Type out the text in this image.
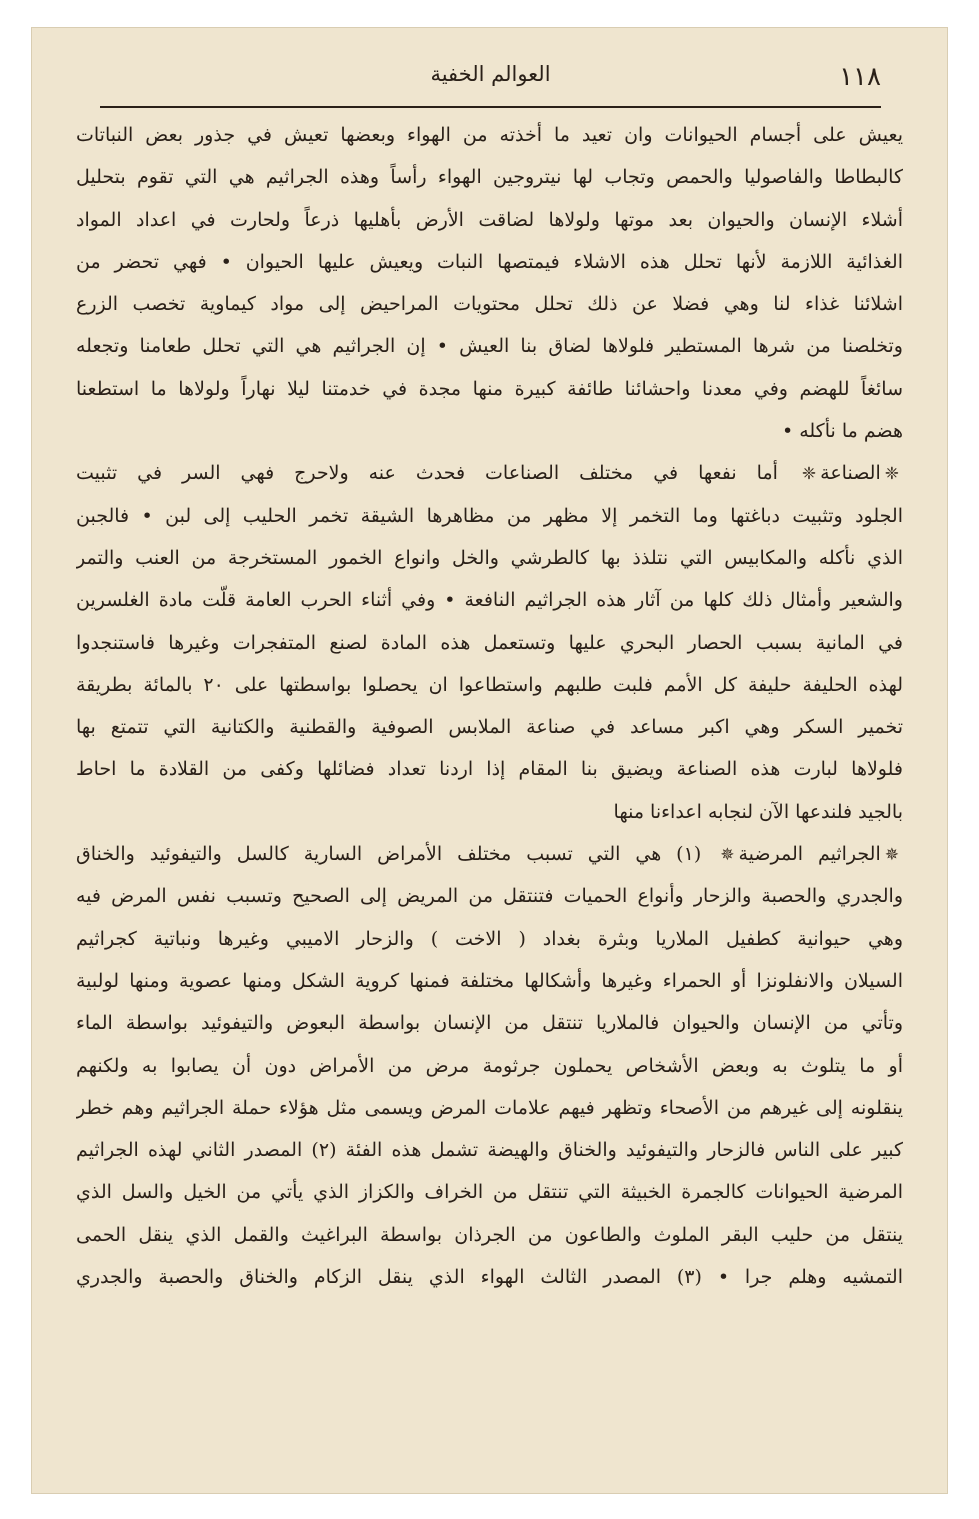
١١٨
العوالم الخفية
يعيش على أجسام الحيوانات وان تعيد ما أخذته من الهواء وبعضها تعيش في جذور بعض النباتات
كالبطاطا والفاصوليا والحمص وتجاب لها نيتروجين الهواء رأساً وهذه الجراثيم هي التي تقوم بتحليل
أشلاء الإنسان والحيوان بعد موتها ولولاها لضاقت الأرض بأهليها ذرعاً ولحارت في اعداد المواد
الغذائية اللازمة لأنها تحلل هذه الاشلاء فيمتصها النبات ويعيش عليها الحيوان • فهي تحضر من
اشلائنا غذاء لنا وهي فضلا عن ذلك تحلل محتويات المراحيض إلى مواد كيماوية تخصب الزرع
وتخلصنا من شرها المستطير فلولاها لضاق بنا العيش • إن الجراثيم هي التي تحلل طعامنا وتجعله
سائغاً للهضم وفي معدنا واحشائنا طائفة كبيرة منها مجدة في خدمتنا ليلا نهاراً ولولاها ما استطعنا
هضم ما نأكله •
❈الصناعة❈ أما نفعها في مختلف الصناعات فحدث عنه ولاحرج فهي السر في تثبيت
الجلود وتثبيت دباغتها وما التخمر إلا مظهر من مظاهرها الشيقة تخمر الحليب إلى لبن • فالجبن
الذي نأكله والمكابيس التي نتلذذ بها كالطرشي والخل وانواع الخمور المستخرجة من العنب والتمر
والشعير وأمثال ذلك كلها من آثار هذه الجراثيم النافعة • وفي أثناء الحرب العامة قلّت مادة الغلسرين
في المانية بسبب الحصار البحري عليها وتستعمل هذه المادة لصنع المتفجرات وغيرها فاستنجدوا
لهذه الحليفة حليفة كل الأمم فلبت طلبهم واستطاعوا ان يحصلوا بواسطتها على ٢٠ بالمائة بطريقة
تخمير السكر وهي اكبر مساعد في صناعة الملابس الصوفية والقطنية والكتانية التي تتمتع بها
فلولاها لبارت هذه الصناعة ويضيق بنا المقام إذا اردنا تعداد فضائلها وكفى من القلادة ما احاط
بالجيد فلندعها الآن لنجابه اعداءنا منها
✵الجراثيم المرضية✵ (١) هي التي تسبب مختلف الأمراض السارية كالسل والتيفوئيد والخناق
والجدري والحصبة والزحار وأنواع الحميات فتنتقل من المريض إلى الصحيح وتسبب نفس المرض فيه
وهي حيوانية كطفيل الملاريا وبثرة بغداد ( الاخت ) والزحار الاميبي وغيرها ونباتية كجراثيم
السيلان والانفلونزا أو الحمراء وغيرها وأشكالها مختلفة فمنها كروية الشكل ومنها عصوية ومنها لولبية
وتأتي من الإنسان والحيوان فالملاريا تنتقل من الإنسان بواسطة البعوض والتيفوئيد بواسطة الماء
أو ما يتلوث به وبعض الأشخاص يحملون جرثومة مرض من الأمراض دون أن يصابوا به ولكنهم
ينقلونه إلى غيرهم من الأصحاء وتظهر فيهم علامات المرض ويسمى مثل هؤلاء حملة الجراثيم وهم خطر
كبير على الناس فالزحار والتيفوئيد والخناق والهيضة تشمل هذه الفئة (٢) المصدر الثاني لهذه الجراثيم
المرضية الحيوانات كالجمرة الخبيثة التي تنتقل من الخراف والكزاز الذي يأتي من الخيل والسل الذي
ينتقل من حليب البقر الملوث والطاعون من الجرذان بواسطة البراغيث والقمل الذي ينقل الحمى
التمشيه وهلم جرا • (٣) المصدر الثالث الهواء الذي ينقل الزكام والخناق والحصبة والجدري
